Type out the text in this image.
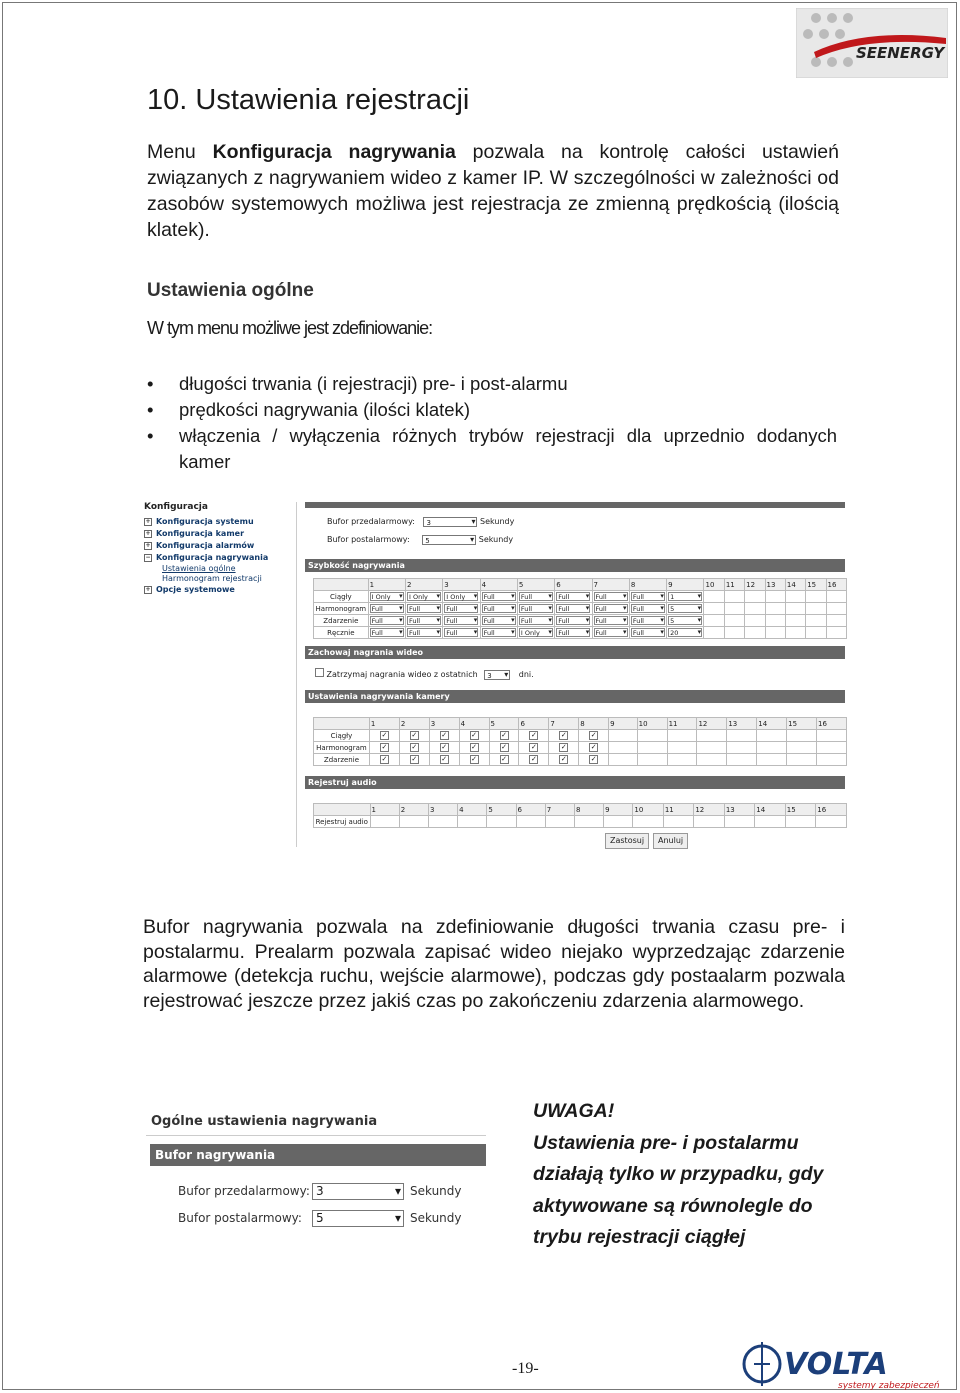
SEENERGY
10. Ustawienia rejestracji
Menu Konfiguracja nagrywania pozwala na kontrolę całości ustawień związanych z nagrywaniem wideo z kamer IP. W szczególności w zależności od zasobów systemowych możliwa jest rejestracja ze zmienną prędkością (ilością klatek).
Ustawienia ogólne
W tym menu możliwe jest zdefiniowanie:
• długości trwania (i rejestracji) pre- i post-alarmu
• prędkości nagrywania (ilości klatek)
• włączenia / wyłączenia różnych trybów rejestracji dla uprzednio dodanych kamer
Konfiguracja
+ Konfiguracja systemu
+ Konfiguracja kamer
+ Konfiguracja alarmów
− Konfiguracja nagrywania
Ustawienia ogólne
Harmonogram rejestracji
+ Opcje systemowe
Bufor przedalarmowy: 3 ▾	Sekundy
Bufor postalarmowy: 5 ▾	Sekundy
Szybkość nagrywania
	1	2	3	4	5	6	7	8	9	10	11	12	13	14	15	16
Ciągły	I Only ▾	I Only ▾	I Only ▾	Full ▾	Full ▾	Full ▾	Full ▾	Full ▾	1 ▾							
Harmonogram	Full ▾	Full ▾	Full ▾	Full ▾	Full ▾	Full ▾	Full ▾	Full ▾	5 ▾							
Zdarzenie	Full ▾	Full ▾	Full ▾	Full ▾	Full ▾	Full ▾	Full ▾	Full ▾	5 ▾							
Ręcznie	Full ▾	Full ▾	Full ▾	Full ▾	I Only ▾	Full ▾	Full ▾	Full ▾	20 ▾							
Zachowaj nagrania wideo
Zatrzymaj nagrania wideo z ostatnich 3 ▾	dni.
Ustawienia nagrywania kamery
	1	2	3	4	5	6	7	8	9	10	11	12	13	14	15	16
Ciągły	✓	✓	✓	✓	✓	✓	✓	✓								
Harmonogram	✓	✓	✓	✓	✓	✓	✓	✓								
Zdarzenie	✓	✓	✓	✓	✓	✓	✓	✓								
Rejestruj audio
	1	2	3	4	5	6	7	8	9	10	11	12	13	14	15	16
Rejestruj audio																
Zastosuj	Anuluj
Bufor nagrywania pozwala na zdefiniowanie długości trwania czasu pre- i postalarmu. Prealarm pozwala zapisać wideo niejako wyprzedzając zdarzenie alarmowe (detekcja ruchu, wejście alarmowe), podczas gdy postaalarm pozwala rejestrować jeszcze przez jakiś czas po zakończeniu zdarzenia alarmowego.
Ogólne ustawienia nagrywania
Bufor nagrywania
Bufor przedalarmowy: 3 ▾	Sekundy
Bufor postalarmowy:	5 ▾	Sekundy
UWAGA!
Ustawienia pre- i postalarmu działają tylko w przypadku, gdy aktywowane są równolegle do trybu rejestracji ciągłej
-19-	VOLTA
systemy zabezpieczeń
